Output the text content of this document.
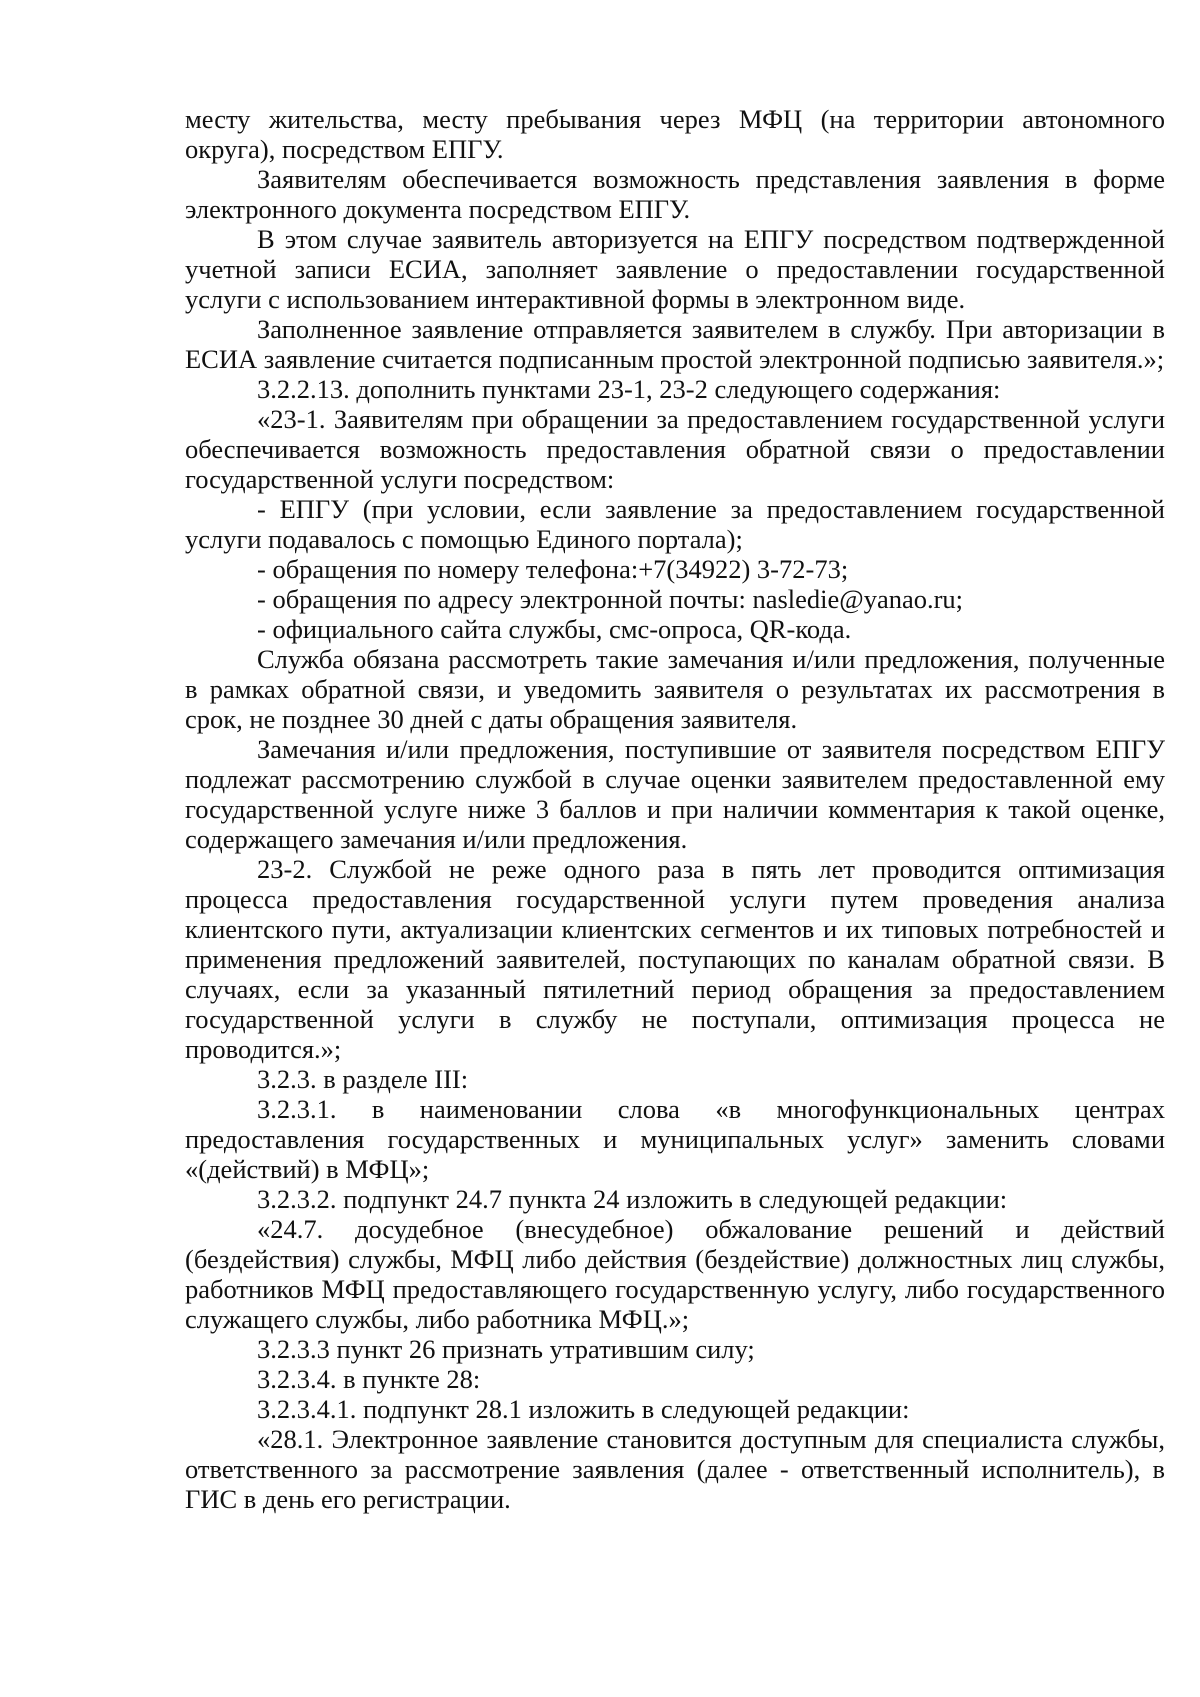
месту жительства, месту пребывания через МФЦ (на территории автономного округа), посредством ЕПГУ.

Заявителям обеспечивается возможность представления заявления в форме электронного документа посредством ЕПГУ.

В этом случае заявитель авторизуется на ЕПГУ посредством подтвержденной учетной записи ЕСИА, заполняет заявление о предоставлении государственной услуги с использованием интерактивной формы в электронном виде.

Заполненное заявление отправляется заявителем в службу. При авторизации в ЕСИА заявление считается подписанным простой электронной подписью заявителя.»;

3.2.2.13. дополнить пунктами 23-1, 23-2 следующего содержания:

«23-1. Заявителям при обращении за предоставлением государственной услуги обеспечивается возможность предоставления обратной связи о предоставлении государственной услуги посредством:

- ЕПГУ (при условии, если заявление за предоставлением государственной услуги подавалось с помощью Единого портала);

- обращения по номеру телефона:+7(34922) 3-72-73;

- обращения по адресу электронной почты: nasledie@yanao.ru;

- официального сайта службы, смс-опроса, QR-кода.

Служба обязана рассмотреть такие замечания и/или предложения, полученные в рамках обратной связи, и уведомить заявителя о результатах их рассмотрения в срок, не позднее 30 дней с даты обращения заявителя.

Замечания и/или предложения, поступившие от заявителя посредством ЕПГУ подлежат рассмотрению службой в случае оценки заявителем предоставленной ему государственной услуге ниже 3 баллов и при наличии комментария к такой оценке, содержащего замечания и/или предложения.

23-2. Службой не реже одного раза в пять лет проводится оптимизация процесса предоставления государственной услуги путем проведения анализа клиентского пути, актуализации клиентских сегментов и их типовых потребностей и применения предложений заявителей, поступающих по каналам обратной связи. В случаях, если за указанный пятилетний период обращения за предоставлением государственной услуги в службу не поступали, оптимизация процесса не проводится.»;

3.2.3. в разделе III:

3.2.3.1. в наименовании слова «в многофункциональных центрах предоставления государственных и муниципальных услуг» заменить словами «(действий) в МФЦ»;

3.2.3.2. подпункт 24.7 пункта 24 изложить в следующей редакции:

«24.7. досудебное (внесудебное) обжалование решений и действий (бездействия) службы, МФЦ либо действия (бездействие) должностных лиц службы, работников МФЦ предоставляющего государственную услугу, либо государственного служащего службы, либо работника МФЦ.»;

3.2.3.3 пункт 26 признать утратившим силу;

3.2.3.4. в пункте 28:

3.2.3.4.1. подпункт 28.1 изложить в следующей редакции:

«28.1. Электронное заявление становится доступным для специалиста службы, ответственного за рассмотрение заявления (далее - ответственный исполнитель), в ГИС в день его регистрации.
